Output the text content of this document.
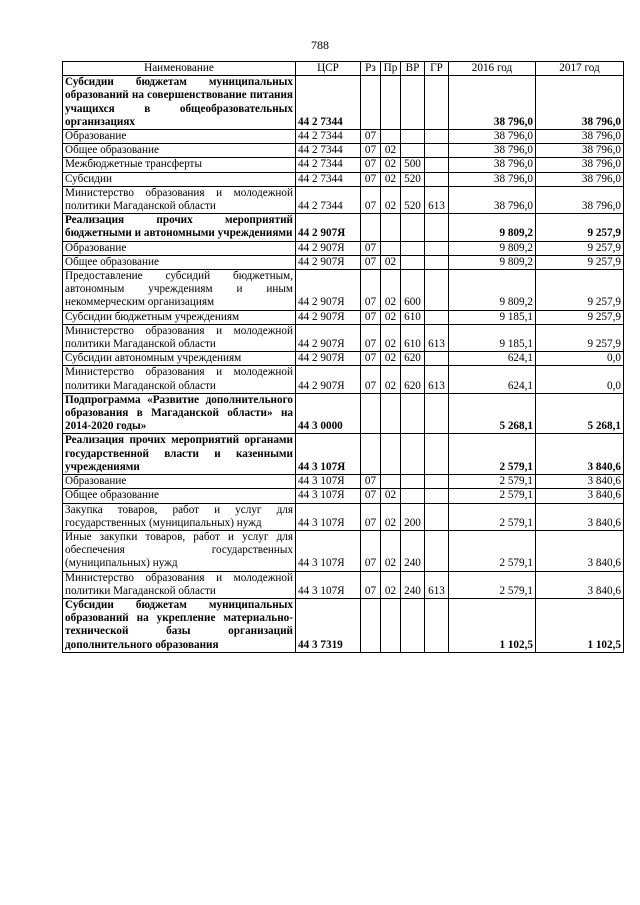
788
Наименование	ЦСР	Рз	Пр	ВР	ГР	2016 год	2017 год
Субсидии бюджетам муниципальных образований на совершенствование питания учащихся в общеобразовательных организациях	44 2 7344					38 796,0	38 796,0
Образование	44 2 7344	07				38 796,0	38 796,0
Общее образование	44 2 7344	07	02			38 796,0	38 796,0
Межбюджетные трансферты	44 2 7344	07	02	500		38 796,0	38 796,0
Субсидии	44 2 7344	07	02	520		38 796,0	38 796,0
Министерство образования и молодежной политики Магаданской области	44 2 7344	07	02	520	613	38 796,0	38 796,0
Реализация прочих мероприятий бюджетными и автономными учреждениями	44 2 907Я					9 809,2	9 257,9
Образование	44 2 907Я	07				9 809,2	9 257,9
Общее образование	44 2 907Я	07	02			9 809,2	9 257,9
Предоставление субсидий бюджетным, автономным учреждениям и иным некоммерческим организациям	44 2 907Я	07	02	600		9 809,2	9 257,9
Субсидии бюджетным учреждениям	44 2 907Я	07	02	610		9 185,1	9 257,9
Министерство образования и молодежной политики Магаданской области	44 2 907Я	07	02	610	613	9 185,1	9 257,9
Субсидии автономным учреждениям	44 2 907Я	07	02	620		624,1	0,0
Министерство образования и молодежной политики Магаданской области	44 2 907Я	07	02	620	613	624,1	0,0
Подпрограмма «Развитие дополнительного образования в Магаданской области» на 2014-2020 годы»	44 3 0000					5 268,1	5 268,1
Реализация прочих мероприятий органами государственной власти и казенными учреждениями	44 3 107Я					2 579,1	3 840,6
Образование	44 3 107Я	07				2 579,1	3 840,6
Общее образование	44 3 107Я	07	02			2 579,1	3 840,6
Закупка товаров, работ и услуг для государственных (муниципальных) нужд	44 3 107Я	07	02	200		2 579,1	3 840,6
Иные закупки товаров, работ и услуг для обеспечения государственных (муниципальных) нужд	44 3 107Я	07	02	240		2 579,1	3 840,6
Министерство образования и молодежной политики Магаданской области	44 3 107Я	07	02	240	613	2 579,1	3 840,6
Субсидии бюджетам муниципальных образований на укрепление материально-технической базы организаций дополнительного образования	44 3 7319					1 102,5	1 102,5
